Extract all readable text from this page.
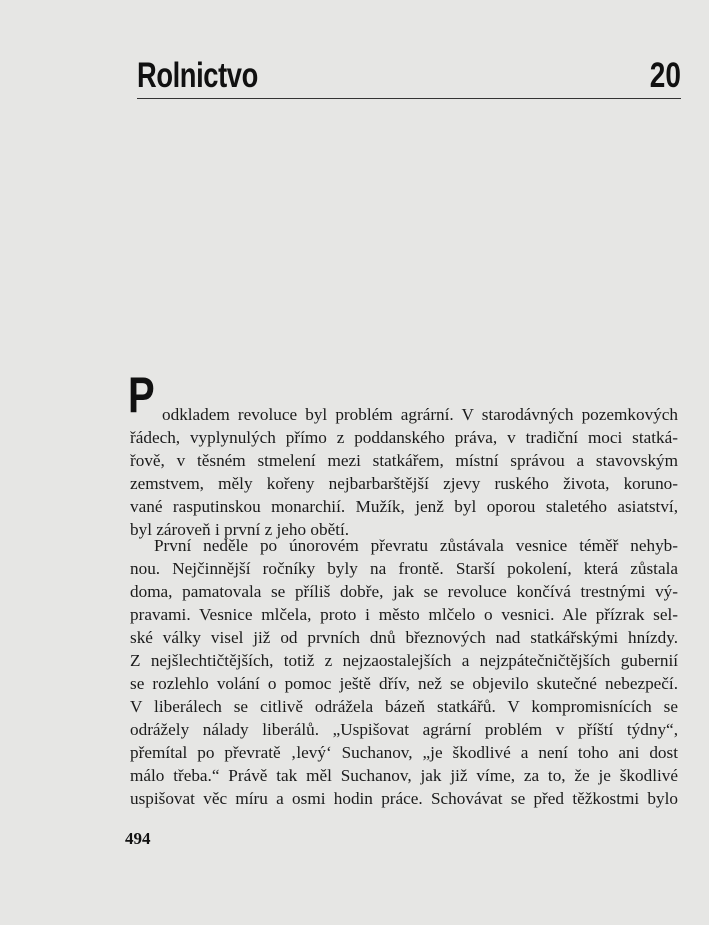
Rolnictvo	20
P odkladem revoluce byl problém agrární. V starodávných pozemkových
řádech, vyplynulých přímo z poddanského práva, v tradiční moci statká-
řově, v těsném stmelení mezi statkářem, místní správou a stavovským
zemstvem, měly kořeny nejbarbarštější zjevy ruského života, koruno-
vané rasputinskou monarchií. Mužík, jenž byl oporou staletého asiatství,
byl zároveň i první z jeho obětí.
První neděle po únorovém převratu zůstávala vesnice téměř nehyb-
nou. Nejčinnější ročníky byly na frontě. Starší pokolení, která zůstala
doma, pamatovala se příliš dobře, jak se revoluce končívá trestnými vý-
pravami. Vesnice mlčela, proto i město mlčelo o vesnici. Ale přízrak sel-
ské války visel již od prvních dnů březnových nad statkářskými hnízdy.
Z nejšlechtičtějších, totiž z nejzaostalejších a nejzpátečničtějších gubernií
se rozlehlo volání o pomoc ještě dřív, než se objevilo skutečné nebezpečí.
V liberálech se citlivě odrážela bázeň statkářů. V kompromisnících se
odrážely nálady liberálů. „Uspišovat agrární problém v příští týdny“,
přemítal po převratě ‚levý‘ Suchanov, „je škodlivé a není toho ani dost
málo třeba.“ Právě tak měl Suchanov, jak již víme, za to, že je škodlivé
uspišovat věc míru a osmi hodin práce. Schovávat se před těžkostmi bylo
494
